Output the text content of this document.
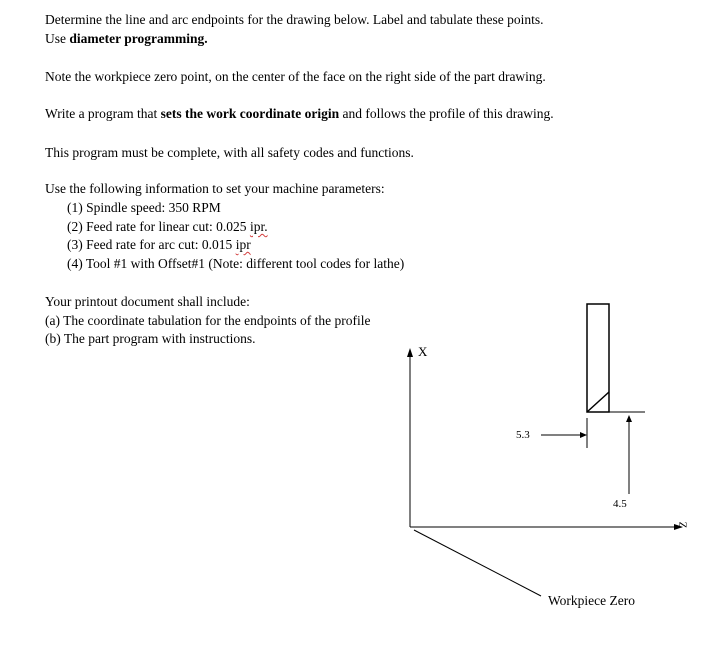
Determine the line and arc endpoints for the drawing below. Label and tabulate these points.
Use diameter programming.
Note the workpiece zero point, on the center of the face on the right side of the part drawing.
Write a program that sets the work coordinate origin and follows the profile of this drawing.
This program must be complete, with all safety codes and functions.
Use the following information to set your machine parameters:
(1) Spindle speed: 350 RPM
(2) Feed rate for linear cut: 0.025 ipr.
(3) Feed rate for arc cut: 0.015 ipr
(4) Tool #1 with Offset#1 (Note: different tool codes for lathe)
Your printout document shall include:
(a) The coordinate tabulation for the endpoints of the profile
(b) The part program with instructions.
X
Z
5.3
4.5
Workpiece Zero
